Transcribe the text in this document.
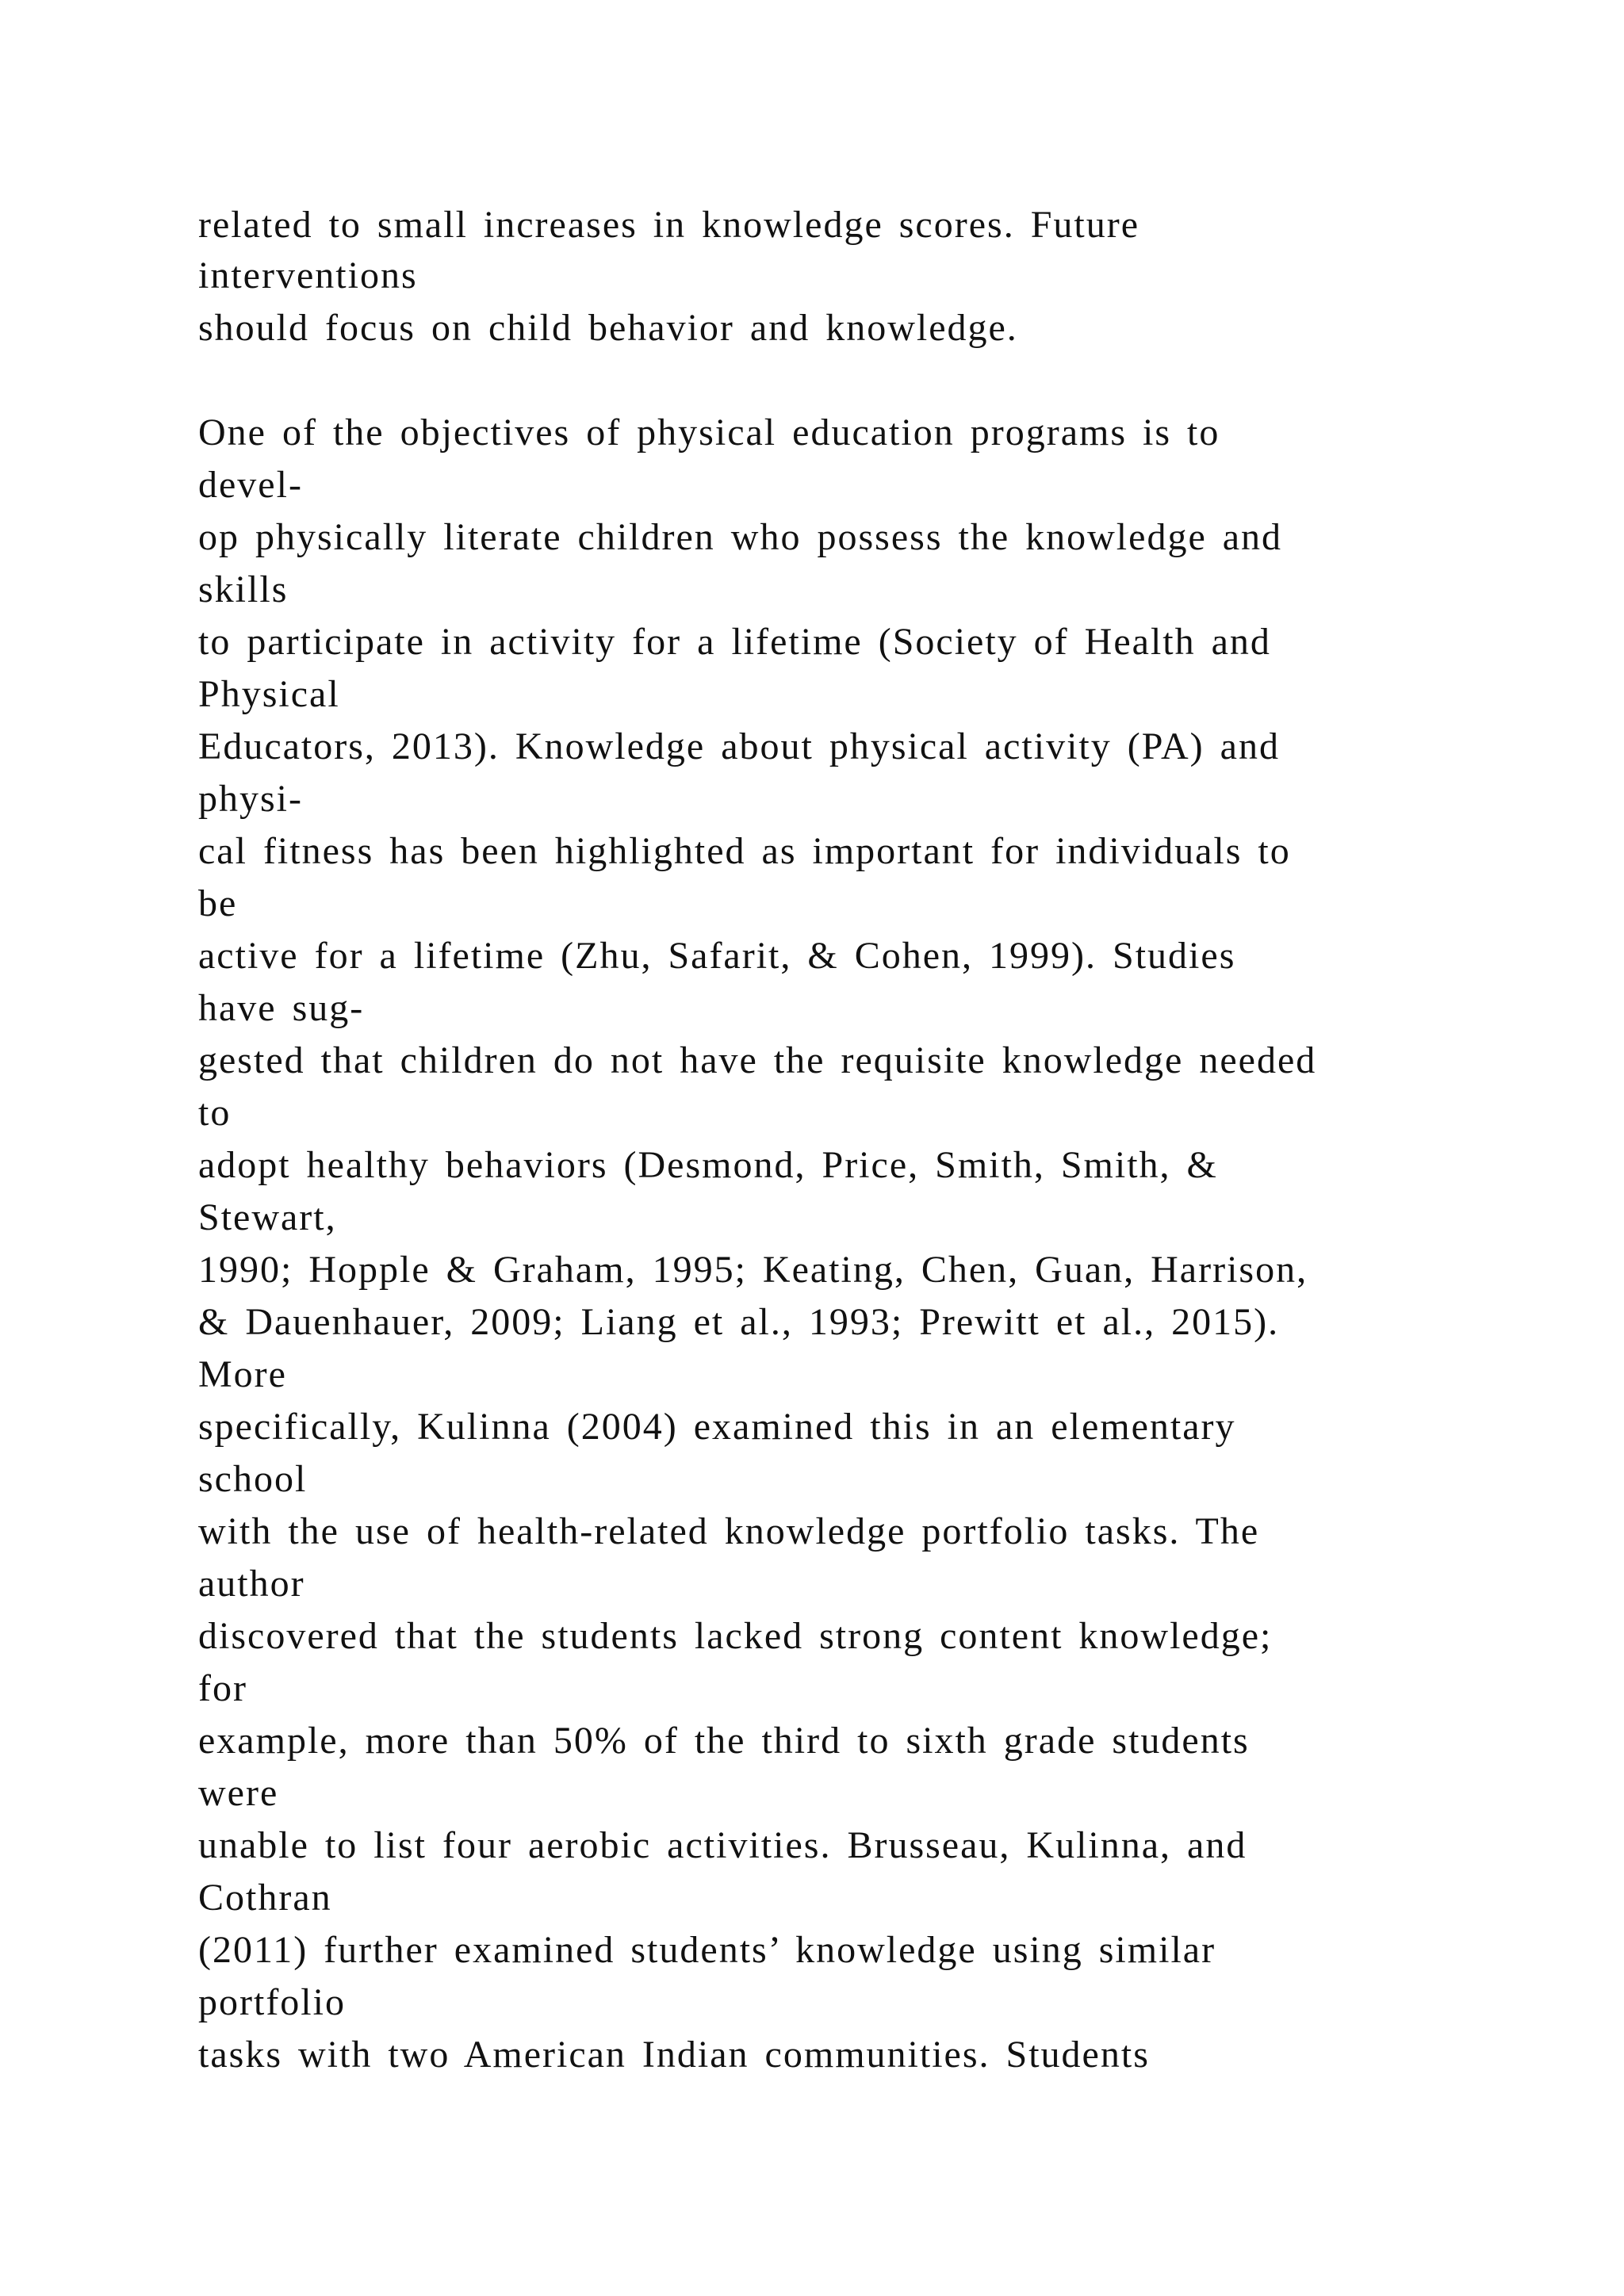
related to small increases in knowledge scores. Future

interventions

should focus on child behavior and knowledge.

One of the objectives of physical education programs is to

devel-

op physically literate children who possess the knowledge and

skills

to participate in activity for a lifetime (Society of Health and

Physical

Educators, 2013). Knowledge about physical activity (PA) and

physi-

cal fitness has been highlighted as important for individuals to

be

active for a lifetime (Zhu, Safarit, & Cohen, 1999). Studies

have sug-

gested that children do not have the requisite knowledge needed

to

adopt healthy behaviors (Desmond, Price, Smith, Smith, &

Stewart,

1990; Hopple & Graham, 1995; Keating, Chen, Guan, Harrison,

& Dauenhauer, 2009; Liang et al., 1993; Prewitt et al., 2015).

More

specifically, Kulinna (2004) examined this in an elementary

school

with the use of health-related knowledge portfolio tasks. The

author

discovered that the students lacked strong content knowledge;

for

example, more than 50% of the third to sixth grade students

were

unable to list four aerobic activities. Brusseau, Kulinna, and

Cothran

(2011) further examined students’ knowledge using similar

portfolio

tasks with two American Indian communities. Students
